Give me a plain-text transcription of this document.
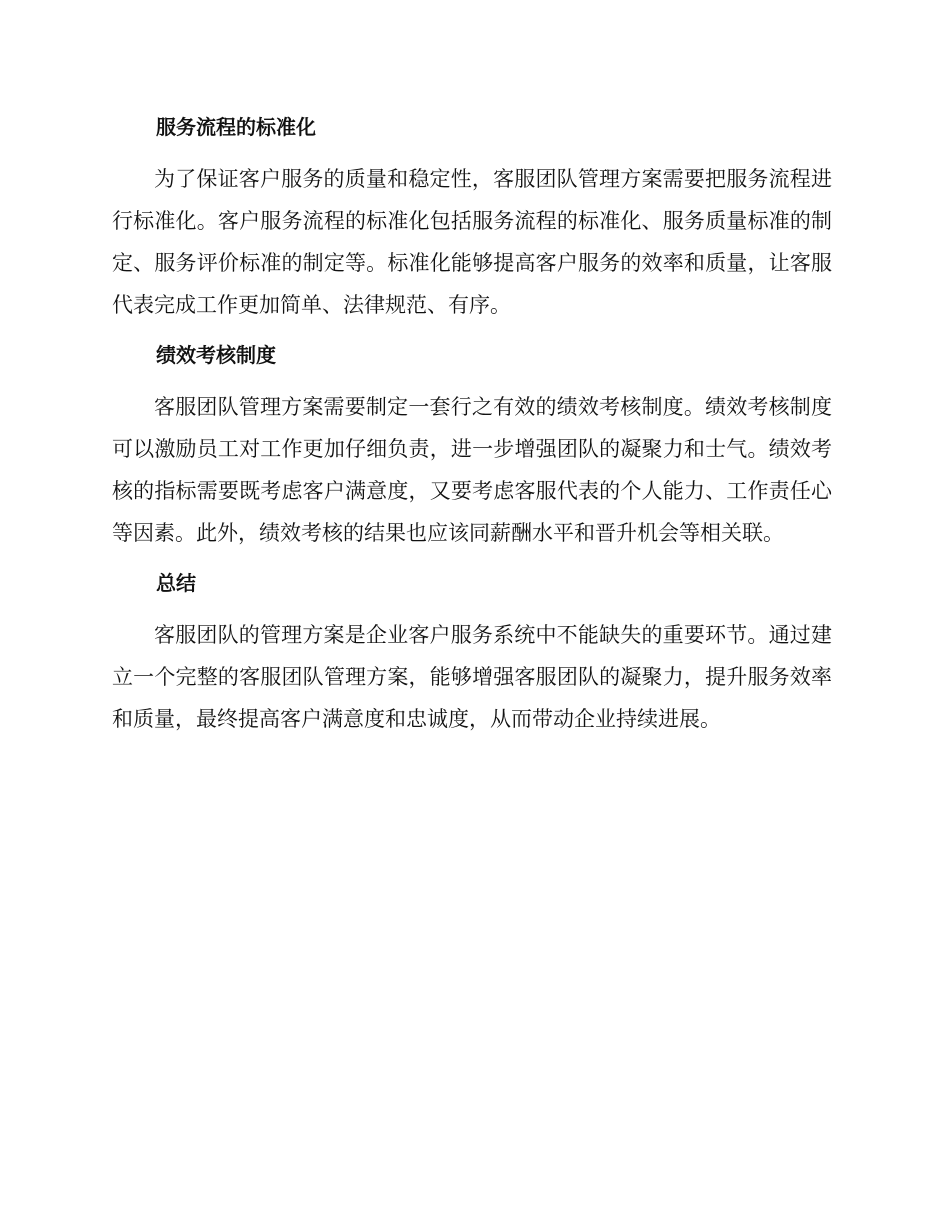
服务流程的标准化

为了保证客户服务的质量和稳定性，客服团队管理方案需要把服务流程进行标准化。客户服务流程的标准化包括服务流程的标准化、服务质量标准的制定、服务评价标准的制定等。标准化能够提高客户服务的效率和质量，让客服代表完成工作更加简单、法律规范、有序。

绩效考核制度

客服团队管理方案需要制定一套行之有效的绩效考核制度。绩效考核制度可以激励员工对工作更加仔细负责，进一步增强团队的凝聚力和士气。绩效考核的指标需要既考虑客户满意度，又要考虑客服代表的个人能力、工作责任心等因素。此外，绩效考核的结果也应该同薪酬水平和晋升机会等相关联。

总结

客服团队的管理方案是企业客户服务系统中不能缺失的重要环节。通过建立一个完整的客服团队管理方案，能够增强客服团队的凝聚力，提升服务效率和质量，最终提高客户满意度和忠诚度，从而带动企业持续进展。
